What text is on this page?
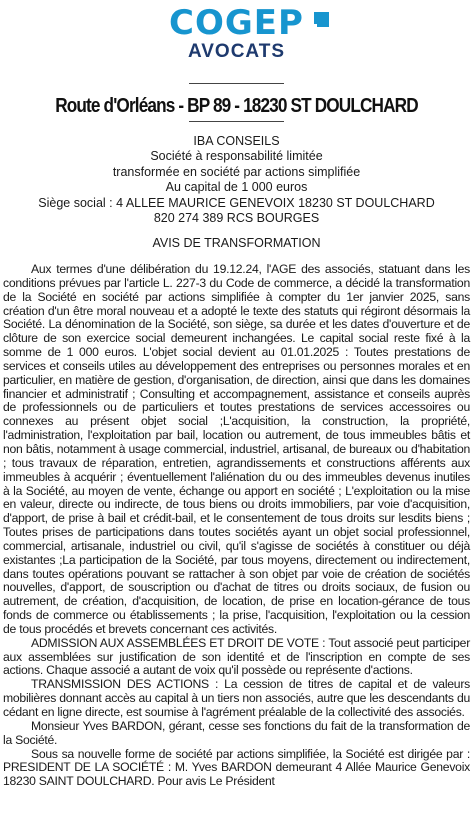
COGEP
AVOCATS
Route d'Orléans - BP 89 - 18230 ST DOULCHARD
IBA CONSEILS
Société à responsabilité limitée
transformée en société par actions simplifiée
Au capital de 1 000 euros
Siège social : 4 ALLEE MAURICE GENEVOIX 18230 ST DOULCHARD
820 274 389 RCS BOURGES
AVIS DE TRANSFORMATION

Aux termes d'une délibération du 19.12.24, l'AGE des associés, statuant dans les conditions prévues par l'article L. 227-3 du Code de commerce, a décidé la transformation de la Société en société par actions simplifiée à compter du 1er janvier 2025, sans création d'un être moral nouveau et a adopté le texte des statuts qui régiront désormais la Société. La dénomination de la Société, son siège, sa durée et les dates d'ouverture et de clôture de son exercice social demeurent inchangées. Le capital social reste fixé à la somme de 1 000 euros. L'objet social devient au 01.01.2025 : Toutes prestations de services et conseils utiles au développement des entreprises ou personnes morales et en particulier, en matière de gestion, d'organisation, de direction, ainsi que dans les domaines financier et administratif ; Consulting et accompagnement, assistance et conseils auprès de professionnels ou de particuliers et toutes prestations de services accessoires ou connexes au présent objet social ;L'acquisition, la construction, la propriété, l'administration, l'exploitation par bail, location ou autrement, de tous immeubles bâtis et non bâtis, notamment à usage commercial, industriel, artisanal, de bureaux ou d'habitation ; tous travaux de réparation, entretien, agrandissements et constructions afférents aux immeubles à acquérir ; éventuellement l'aliénation du ou des immeubles devenus inutiles à la Société, au moyen de vente, échange ou apport en société ; L'exploitation ou la mise en valeur, directe ou indirecte, de tous biens ou droits immobiliers, par voie d'acquisition, d'apport, de prise à bail et crédit-bail, et le consentement de tous droits sur lesdits biens ; Toutes prises de participations dans toutes sociétés ayant un objet social professionnel, commercial, artisanale, industriel ou civil, qu'il s'agisse de sociétés à constituer ou déjà existantes ;La participation de la Société, par tous moyens, directement ou indirectement, dans toutes opérations pouvant se rattacher à son objet par voie de création de sociétés nouvelles, d'apport, de souscription ou d'achat de titres ou droits sociaux, de fusion ou autrement, de création, d'acquisition, de location, de prise en location-gérance de tous fonds de commerce ou établissements ; la prise, l'acquisition, l'exploitation ou la cession de tous procédés et brevets concernant ces activités.

ADMISSION AUX ASSEMBLÉES ET DROIT DE VOTE : Tout associé peut participer aux assemblées sur justification de son identité et de l'inscription en compte de ses actions. Chaque associé a autant de voix qu'il possède ou représente d'actions.

TRANSMISSION DES ACTIONS : La cession de titres de capital et de valeurs mobilières donnant accès au capital à un tiers non associés, autre que les descendants du cédant en ligne directe, est soumise à l'agrément préalable de la collectivité des associés.

Monsieur Yves BARDON, gérant, cesse ses fonctions du fait de la transformation de la Société.

Sous sa nouvelle forme de société par actions simplifiée, la Société est dirigée par : PRESIDENT DE LA SOCIÉTÉ : M. Yves BARDON demeurant 4 Allée Maurice Genevoix 18230 SAINT DOULCHARD. Pour avis Le Président
